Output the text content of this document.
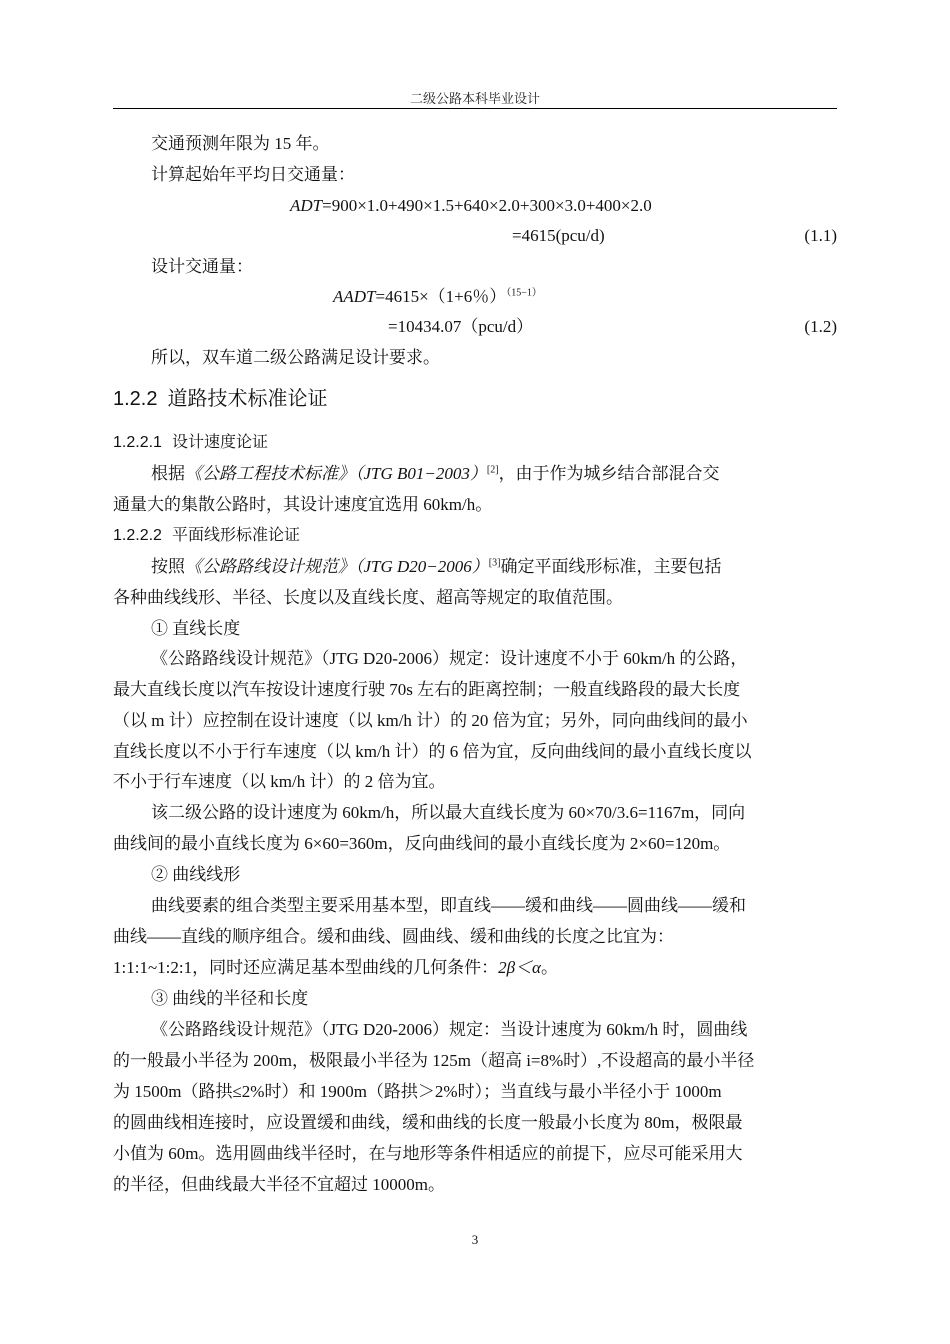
二级公路本科毕业设计
交通预测年限为 15 年。
计算起始年平均日交通量：
ADT=900×1.0+490×1.5+640×2.0+300×3.0+400×2.0
=4615(pcu/d)	(1.1)
设计交通量：
AADT=4615×（1+6％）$^{(15-1)}$
=10434.07（pcu/d）	(1.2)
所以，双车道二级公路满足设计要求。
1.2.2 道路技术标准论证
1.2.2.1 设计速度论证
根据《公路工程技术标准》（JTG B01−2003）[2]，由于作为城乡结合部混合交
通量大的集散公路时，其设计速度宜选用 60km/h。
1.2.2.2 平面线形标准论证
按照《公路路线设计规范》（JTG D20−2006）[3]确定平面线形标准，主要包括
各种曲线线形、半径、长度以及直线长度、超高等规定的取值范围。
① 直线长度
《公路路线设计规范》（JTG D20-2006）规定：设计速度不小于 60km/h 的公路，
最大直线长度以汽车按设计速度行驶 70s 左右的距离控制；一般直线路段的最大长度
（以 m 计）应控制在设计速度（以 km/h 计）的 20 倍为宜；另外，同向曲线间的最小
直线长度以不小于行车速度（以 km/h 计）的 6 倍为宜，反向曲线间的最小直线长度以
不小于行车速度（以 km/h 计）的 2 倍为宜。
该二级公路的设计速度为 60km/h，所以最大直线长度为 60×70/3.6=1167m，同向
曲线间的最小直线长度为 6×60=360m，反向曲线间的最小直线长度为 2×60=120m。
② 曲线线形
曲线要素的组合类型主要采用基本型，即直线——缓和曲线——圆曲线——缓和
曲线——直线的顺序组合。缓和曲线、圆曲线、缓和曲线的长度之比宜为：
1:1:1~1:2:1，同时还应满足基本型曲线的几何条件：2β＜α。
③ 曲线的半径和长度
《公路路线设计规范》（JTG D20-2006）规定：当设计速度为 60km/h 时，圆曲线
的一般最小半径为 200m，极限最小半径为 125m（超高 i=8%时）,不设超高的最小半径
为 1500m（路拱≤2%时）和 1900m（路拱＞2%时）；当直线与最小半径小于 1000m
的圆曲线相连接时，应设置缓和曲线，缓和曲线的长度一般最小长度为 80m，极限最
小值为 60m。选用圆曲线半径时，在与地形等条件相适应的前提下，应尽可能采用大
的半径，但曲线最大半径不宜超过 10000m。
3
